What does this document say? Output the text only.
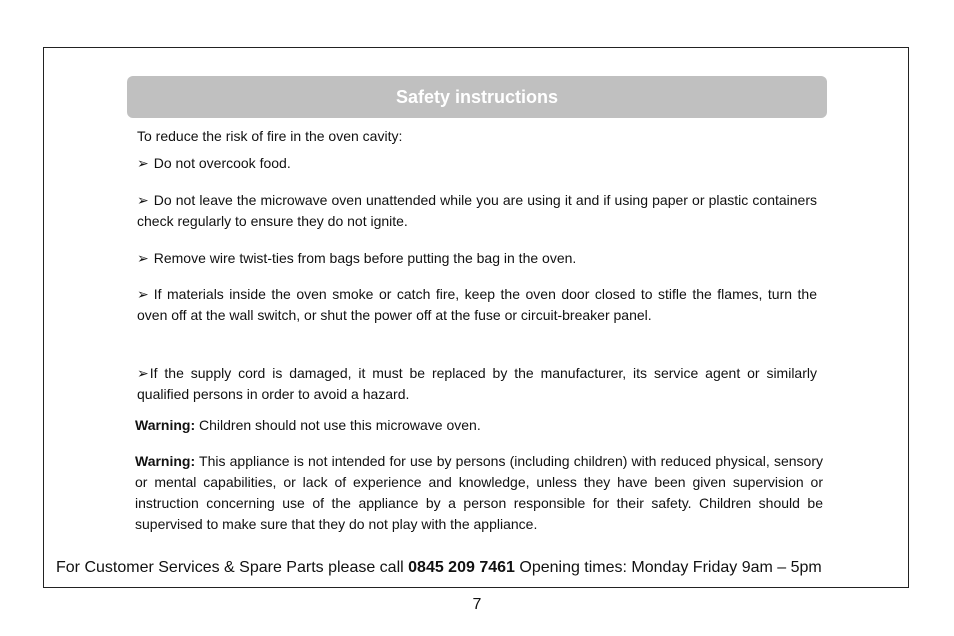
Safety instructions
To reduce the risk of fire in the oven cavity:
➢ Do not overcook food.
➢ Do not leave the microwave oven unattended while you are using it and if using paper or plastic containers check regularly to ensure they do not ignite.
➢ Remove wire twist-ties from bags before putting the bag in the oven.
➢ If materials inside the oven smoke or catch fire, keep the oven door closed to stifle the flames, turn the oven off at the wall switch, or shut the power off at the fuse or circuit-breaker panel.
➢ If the supply cord is damaged, it must be replaced by the manufacturer, its service agent or similarly qualified persons in order to avoid a hazard.
Warning: Children should not use this microwave oven.
Warning: This appliance is not intended for use by persons (including children) with reduced physical, sensory or mental capabilities, or lack of experience and knowledge, unless they have been given supervision or instruction concerning use of the appliance by a person responsible for their safety. Children should be supervised to make sure that they do not play with the appliance.
For Customer Services & Spare Parts please call 0845 209 7461 Opening times: Monday Friday 9am – 5pm
7
